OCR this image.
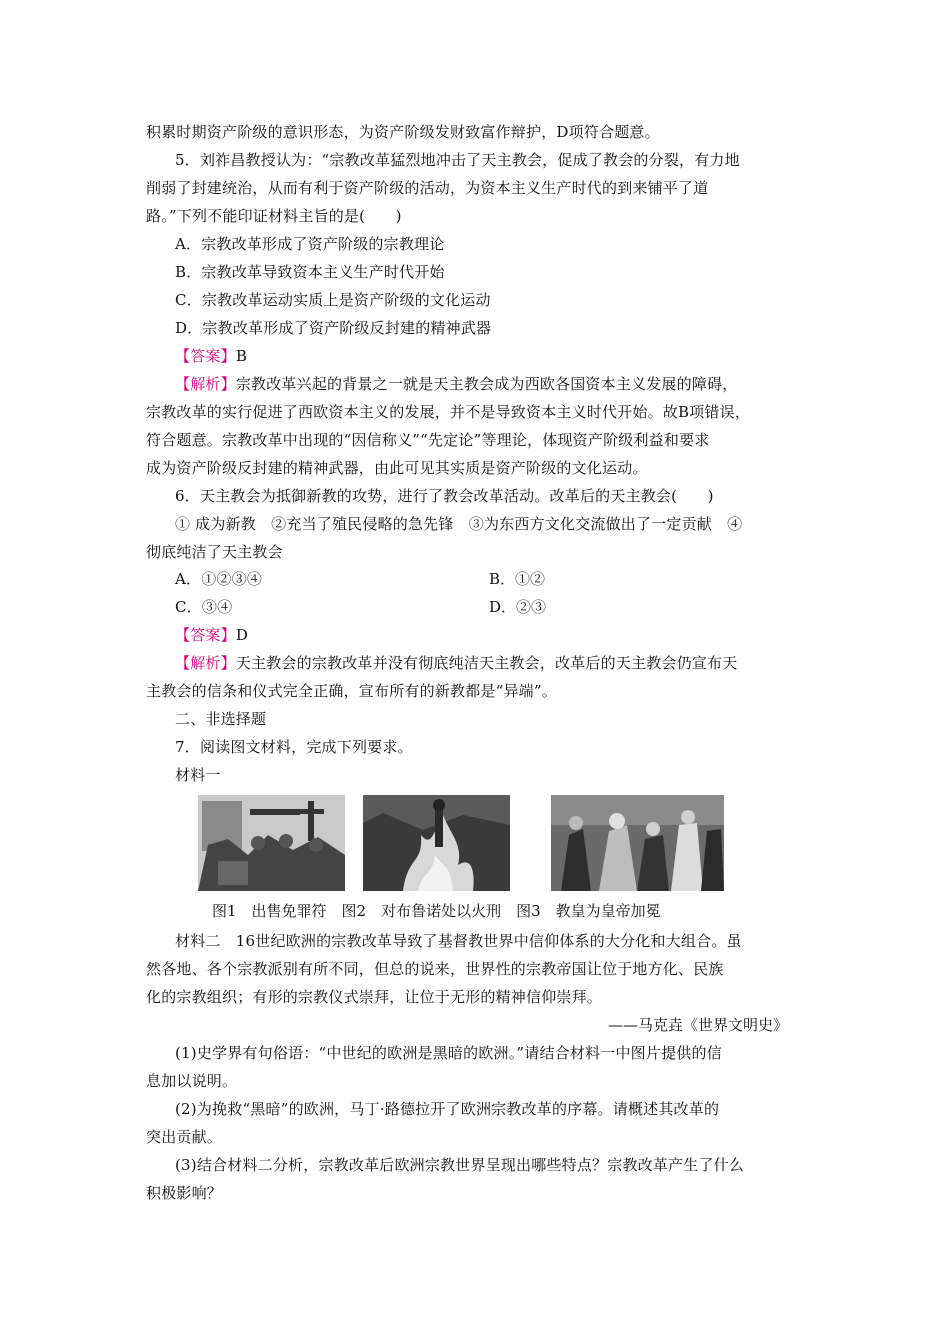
积累时期资产阶级的意识形态，为资产阶级发财致富作辩护，D项符合题意。
5．刘祚昌教授认为：“宗教改革猛烈地冲击了天主教会，促成了教会的分裂，有力地
削弱了封建统治，从而有利于资产阶级的活动，为资本主义生产时代的到来铺平了道
路。”下列不能印证材料主旨的是(　　)
A．宗教改革形成了资产阶级的宗教理论
B．宗教改革导致资本主义生产时代开始
C．宗教改革运动实质上是资产阶级的文化运动
D．宗教改革形成了资产阶级反封建的精神武器
【答案】B
【解析】宗教改革兴起的背景之一就是天主教会成为西欧各国资本主义发展的障碍，
宗教改革的实行促进了西欧资本主义的发展，并不是导致资本主义时代开始。故B项错误，
符合题意。宗教改革中出现的“因信称义”“先定论”等理论，体现资产阶级利益和要求
成为资产阶级反封建的精神武器，由此可见其实质是资产阶级的文化运动。
6．天主教会为抵御新教的攻势，进行了教会改革活动。改革后的天主教会(　　)
① 成为新教　②充当了殖民侵略的急先锋　③为东西方文化交流做出了一定贡献　④
彻底纯洁了天主教会
A．①②③④	B．①②
C．③④	D．②③
【答案】D
【解析】天主教会的宗教改革并没有彻底纯洁天主教会，改革后的天主教会仍宣布天
主教会的信条和仪式完全正确，宣布所有的新教都是“异端”。
二、非选择题
7．阅读图文材料，完成下列要求。
材料一
图1　出售免罪符　图2　对布鲁诺处以火刑　图3　教皇为皇帝加冕
材料二　16世纪欧洲的宗教改革导致了基督教世界中信仰体系的大分化和大组合。虽
然各地、各个宗教派别有所不同，但总的说来，世界性的宗教帝国让位于地方化、民族
化的宗教组织；有形的宗教仪式崇拜，让位于无形的精神信仰崇拜。
——马克垚《世界文明史》
(1)史学界有句俗语：“中世纪的欧洲是黑暗的欧洲。”请结合材料一中图片提供的信
息加以说明。
(2)为挽救“黑暗”的欧洲，马丁·路德拉开了欧洲宗教改革的序幕。请概述其改革的
突出贡献。
(3)结合材料二分析，宗教改革后欧洲宗教世界呈现出哪些特点？宗教改革产生了什么
积极影响？
